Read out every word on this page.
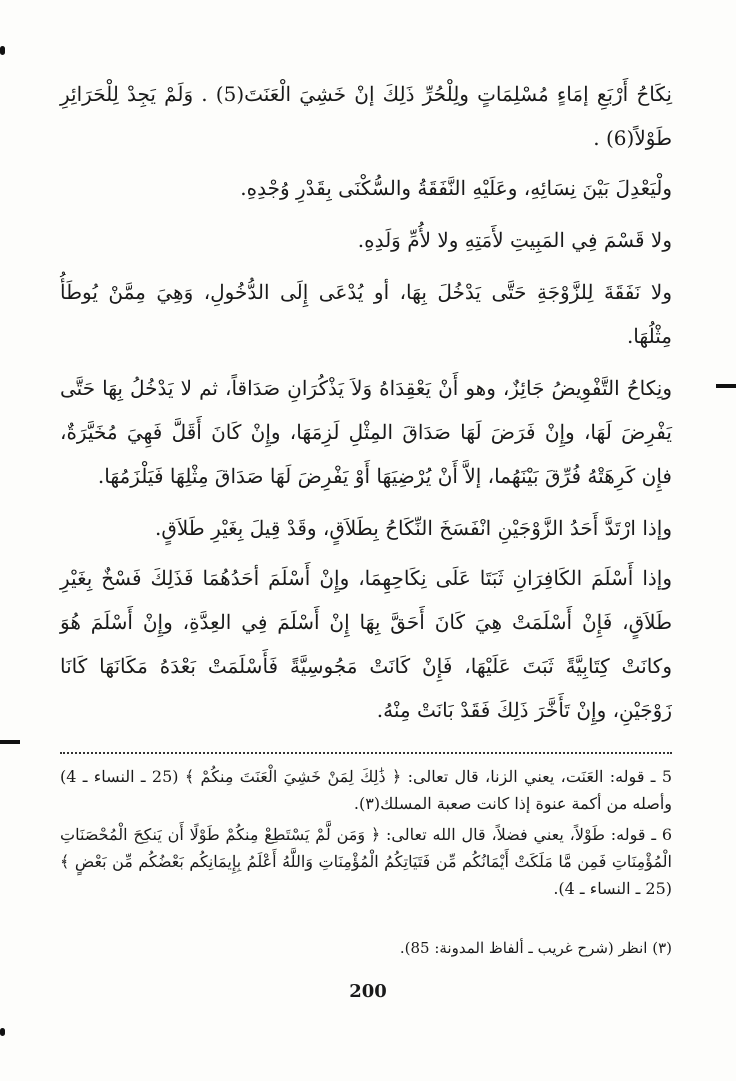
نِكَاحُ أَرْبَعِ إمَاءٍ مُسْلِمَاتٍ ولِلْحُرِّ ذَلِكَ إنْ خَشِيَ الْعَنَتَ(5) . وَلَمْ يَجِدْ لِلْحَرَائِرِ طَوْلاً(6) .

ولْيَعْدِلَ بَيْنَ نِسَائِهِ، وعَلَيْهِ النَّفَقَةُ والسُّكْنَى بِقَدْرِ وُجْدِهِ.

ولا قَسْمَ فِي المَبِيتِ لأَمَتِهِ ولا لأُمِّ وَلَدِهِ.

ولا نَفَقَةَ لِلزَّوْجَةِ حَتَّى يَدْخُلَ بِهَا، أو يُدْعَى إِلَى الدُّخُولِ، وَهِيَ مِمَّنْ يُوطَأُ مِثْلُهَا.

ونِكاحُ التَّفْوِيضُ جَائِزٌ، وهو أَنْ يَعْقِدَاهُ وَلاَ يَذْكُرَانِ صَدَاقاً، ثم لا يَدْخُلُ بِهَا حَتَّى يَفْرِضَ لَهَا، وإِنْ فَرَضَ لَهَا صَدَاقَ المِثْلِ لَزِمَهَا، وإِنْ كَانَ أَقَلَّ فَهِيَ مُخَيَّرَةٌ، فإِن كَرِهَتْهُ فُرِّقَ بَيْنَهُما، إلاَّ أَنْ يُرْضِيَهَا أَوْ يَفْرِضَ لَهَا صَدَاقَ مِثْلِهَا فَيَلْزَمُهَا.

وإذا ارْتَدَّ أَحَدُ الزَّوْجَيْنِ انْفَسَخَ النِّكَاحُ بِطَلاَقٍ، وقَدْ قِيلَ بِغَيْرِ طَلاَقٍ.

وإذا أَسْلَمَ الكَافِرَانِ ثَبَتَا عَلَى نِكَاحِهِمَا، وإِنْ أَسْلَمَ أحَدُهُمَا فَذَلِكَ فَسْخٌ بِغَيْرِ طَلاَقٍ، فَإِنْ أَسْلَمَتْ هِيَ كَانَ أَحَقَّ بِهَا إِنْ أَسْلَمَ فِي العِدَّةِ، وإِنْ أَسْلَمَ هُوَ وكانَتْ كِتَابِيَّةً ثَبَتَ عَلَيْهَا، فَإِنْ كَانَتْ مَجُوسِيَّةً فَأَسْلَمَتْ بَعْدَهُ مَكَانَهَا كَانَا زَوْجَيْنِ، وإِنْ تَأَخَّرَ ذَلِكَ فَقَدْ بَانَتْ مِنْهُ.

5 ـ قوله: العَنَت، يعني الزنا، قال تعالى: ﴿ ذَٰلِكَ لِمَنْ خَشِيَ الْعَنَتَ مِنكُمْ ﴾ (25 ـ النساء ـ 4) وأصله من أكمة عنوة إذا كانت صعبة المسلك(٣).

6 ـ قوله: طَوْلاً، يعني فضلاً، قال الله تعالى: ﴿ وَمَن لَّمْ يَسْتَطِعْ مِنكُمْ طَوْلًا أَن يَنكِحَ الْمُحْصَنَاتِ الْمُؤْمِنَاتِ فَمِن مَّا مَلَكَتْ أَيْمَانُكُم مِّن فَتَيَاتِكُمُ الْمُؤْمِنَاتِ وَاللَّهُ أَعْلَمُ بِإِيمَانِكُم بَعْضُكُم مِّن بَعْضٍ ﴾ (25 ـ النساء ـ 4).

(٣) انظر (شرح غريب ـ ألفاظ المدونة: 85).

200
